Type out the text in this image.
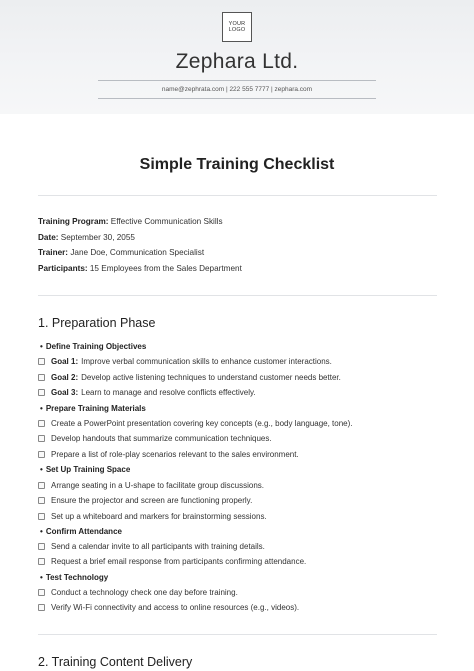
YOUR
LOGO
Zephara Ltd.
name@zephrata.com | 222 555 7777 | zephara.com
Simple Training Checklist
Training Program: Effective Communication Skills
Date: September 30, 2055
Trainer: Jane Doe, Communication Specialist
Participants: 15 Employees from the Sales Department
1. Preparation Phase
• Define Training Objectives
Goal 1: Improve verbal communication skills to enhance customer interactions.
Goal 2: Develop active listening techniques to understand customer needs better.
Goal 3: Learn to manage and resolve conflicts effectively.
• Prepare Training Materials
Create a PowerPoint presentation covering key concepts (e.g., body language, tone).
Develop handouts that summarize communication techniques.
Prepare a list of role-play scenarios relevant to the sales environment.
• Set Up Training Space
Arrange seating in a U-shape to facilitate group discussions.
Ensure the projector and screen are functioning properly.
Set up a whiteboard and markers for brainstorming sessions.
• Confirm Attendance
Send a calendar invite to all participants with training details.
Request a brief email response from participants confirming attendance.
• Test Technology
Conduct a technology check one day before training.
Verify Wi-Fi connectivity and access to online resources (e.g., videos).
2. Training Content Delivery
